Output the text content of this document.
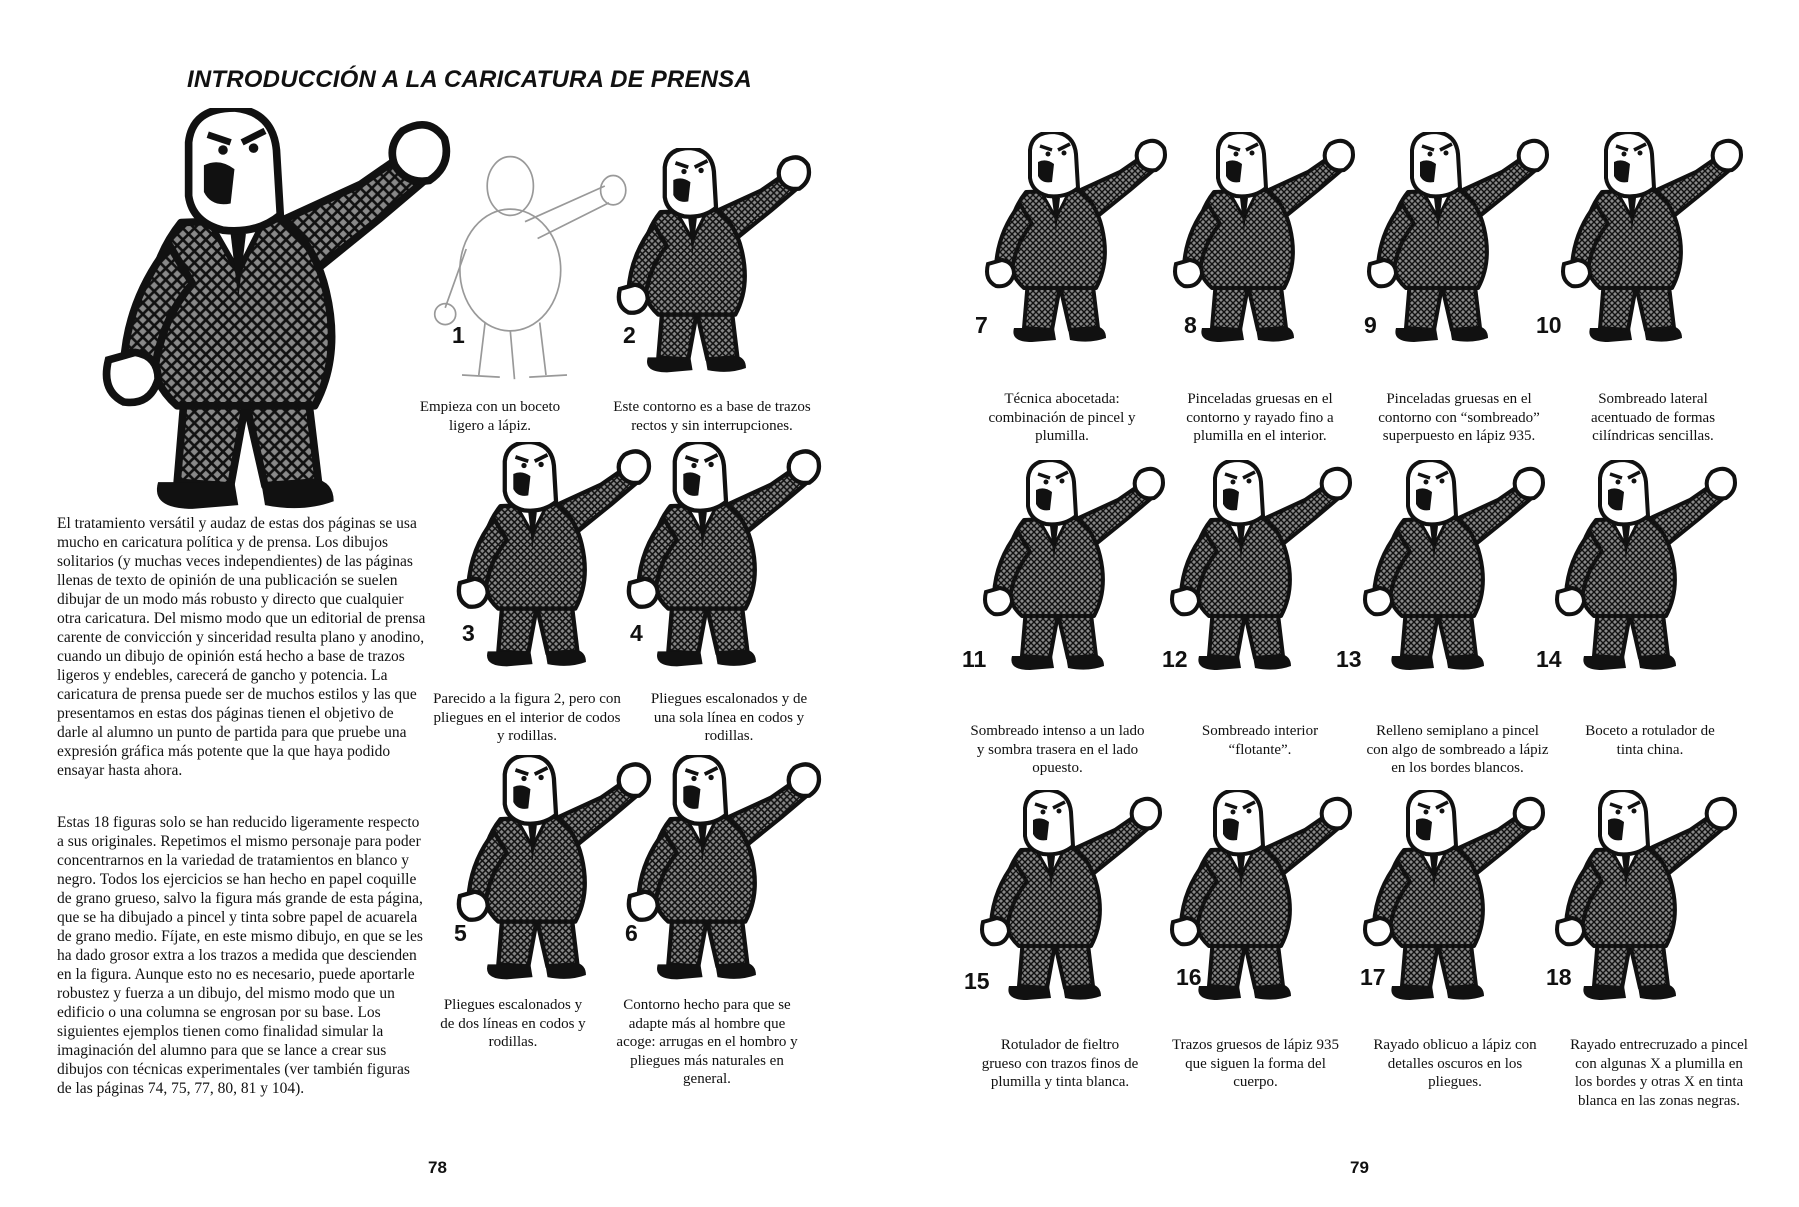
INTRODUCCIÓN A LA CARICATURA DE PRENSA
1	2
Empieza con un boceto ligero a lápiz.
Este contorno es a base de trazos rectos y sin interrupciones.
3	4
Parecido a la figura 2, pero con pliegues en el interior de codos y rodillas.
Pliegues escalonados y de una sola línea en codos y rodillas.
5	6
Pliegues escalonados y de dos líneas en codos y rodillas.
Contorno hecho para que se adapte más al hombre que acoge: arrugas en el hombro y pliegues más naturales en general.

El tratamiento versátil y audaz de estas dos páginas se usa mucho en caricatura política y de prensa. Los dibujos solitarios (y muchas veces independientes) de las páginas llenas de texto de opinión de una publicación se suelen dibujar de un modo más robusto y directo que cualquier otra caricatura. Del mismo modo que un editorial de prensa carente de convicción y sinceridad resulta plano y anodino, cuando un dibujo de opinión está hecho a base de trazos ligeros y endebles, carecerá de gancho y potencia. La caricatura de prensa puede ser de muchos estilos y las que presentamos en estas dos páginas tienen el objetivo de darle al alumno un punto de partida para que pruebe una expresión gráfica más potente que la que haya podido ensayar hasta ahora.

Estas 18 figuras solo se han reducido ligeramente respecto a sus originales. Repetimos el mismo personaje para poder concentrarnos en la variedad de tratamientos en blanco y negro. Todos los ejercicios se han hecho en papel coquille de grano grueso, salvo la figura más grande de esta página, que se ha dibujado a pincel y tinta sobre papel de acuarela de grano medio. Fíjate, en este mismo dibujo, en que se les ha dado grosor extra a los trazos a medida que descienden en la figura. Aunque esto no es necesario, puede aportarle robustez y fuerza a un dibujo, del mismo modo que un edificio o una columna se engrosan por su base. Los siguientes ejemplos tienen como finalidad simular la imaginación del alumno para que se lance a crear sus dibujos con técnicas experimentales (ver también figuras de las páginas 74, 75, 77, 80, 81 y 104).

78
7	8	9	10
Técnica abocetada: combinación de pincel y plumilla.
Pinceladas gruesas en el contorno y rayado fino a plumilla en el interior.
Pinceladas gruesas en el contorno con “sombreado” superpuesto en lápiz 935.
Sombreado lateral acentuado de formas cilíndricas sencillas.
11	12	13	14
Sombreado intenso a un lado y sombra trasera en el lado opuesto.
Sombreado interior “flotante”.
Relleno semiplano a pincel con algo de sombreado a lápiz en los bordes blancos.
Boceto a rotulador de tinta china.
15	16	17	18
Rotulador de fieltro grueso con trazos finos de plumilla y tinta blanca.
Trazos gruesos de lápiz 935 que siguen la forma del cuerpo.
Rayado oblicuo a lápiz con detalles oscuros en los pliegues.
Rayado entrecruzado a pincel con algunas X a plumilla en los bordes y otras X en tinta blanca en las zonas negras.
79
